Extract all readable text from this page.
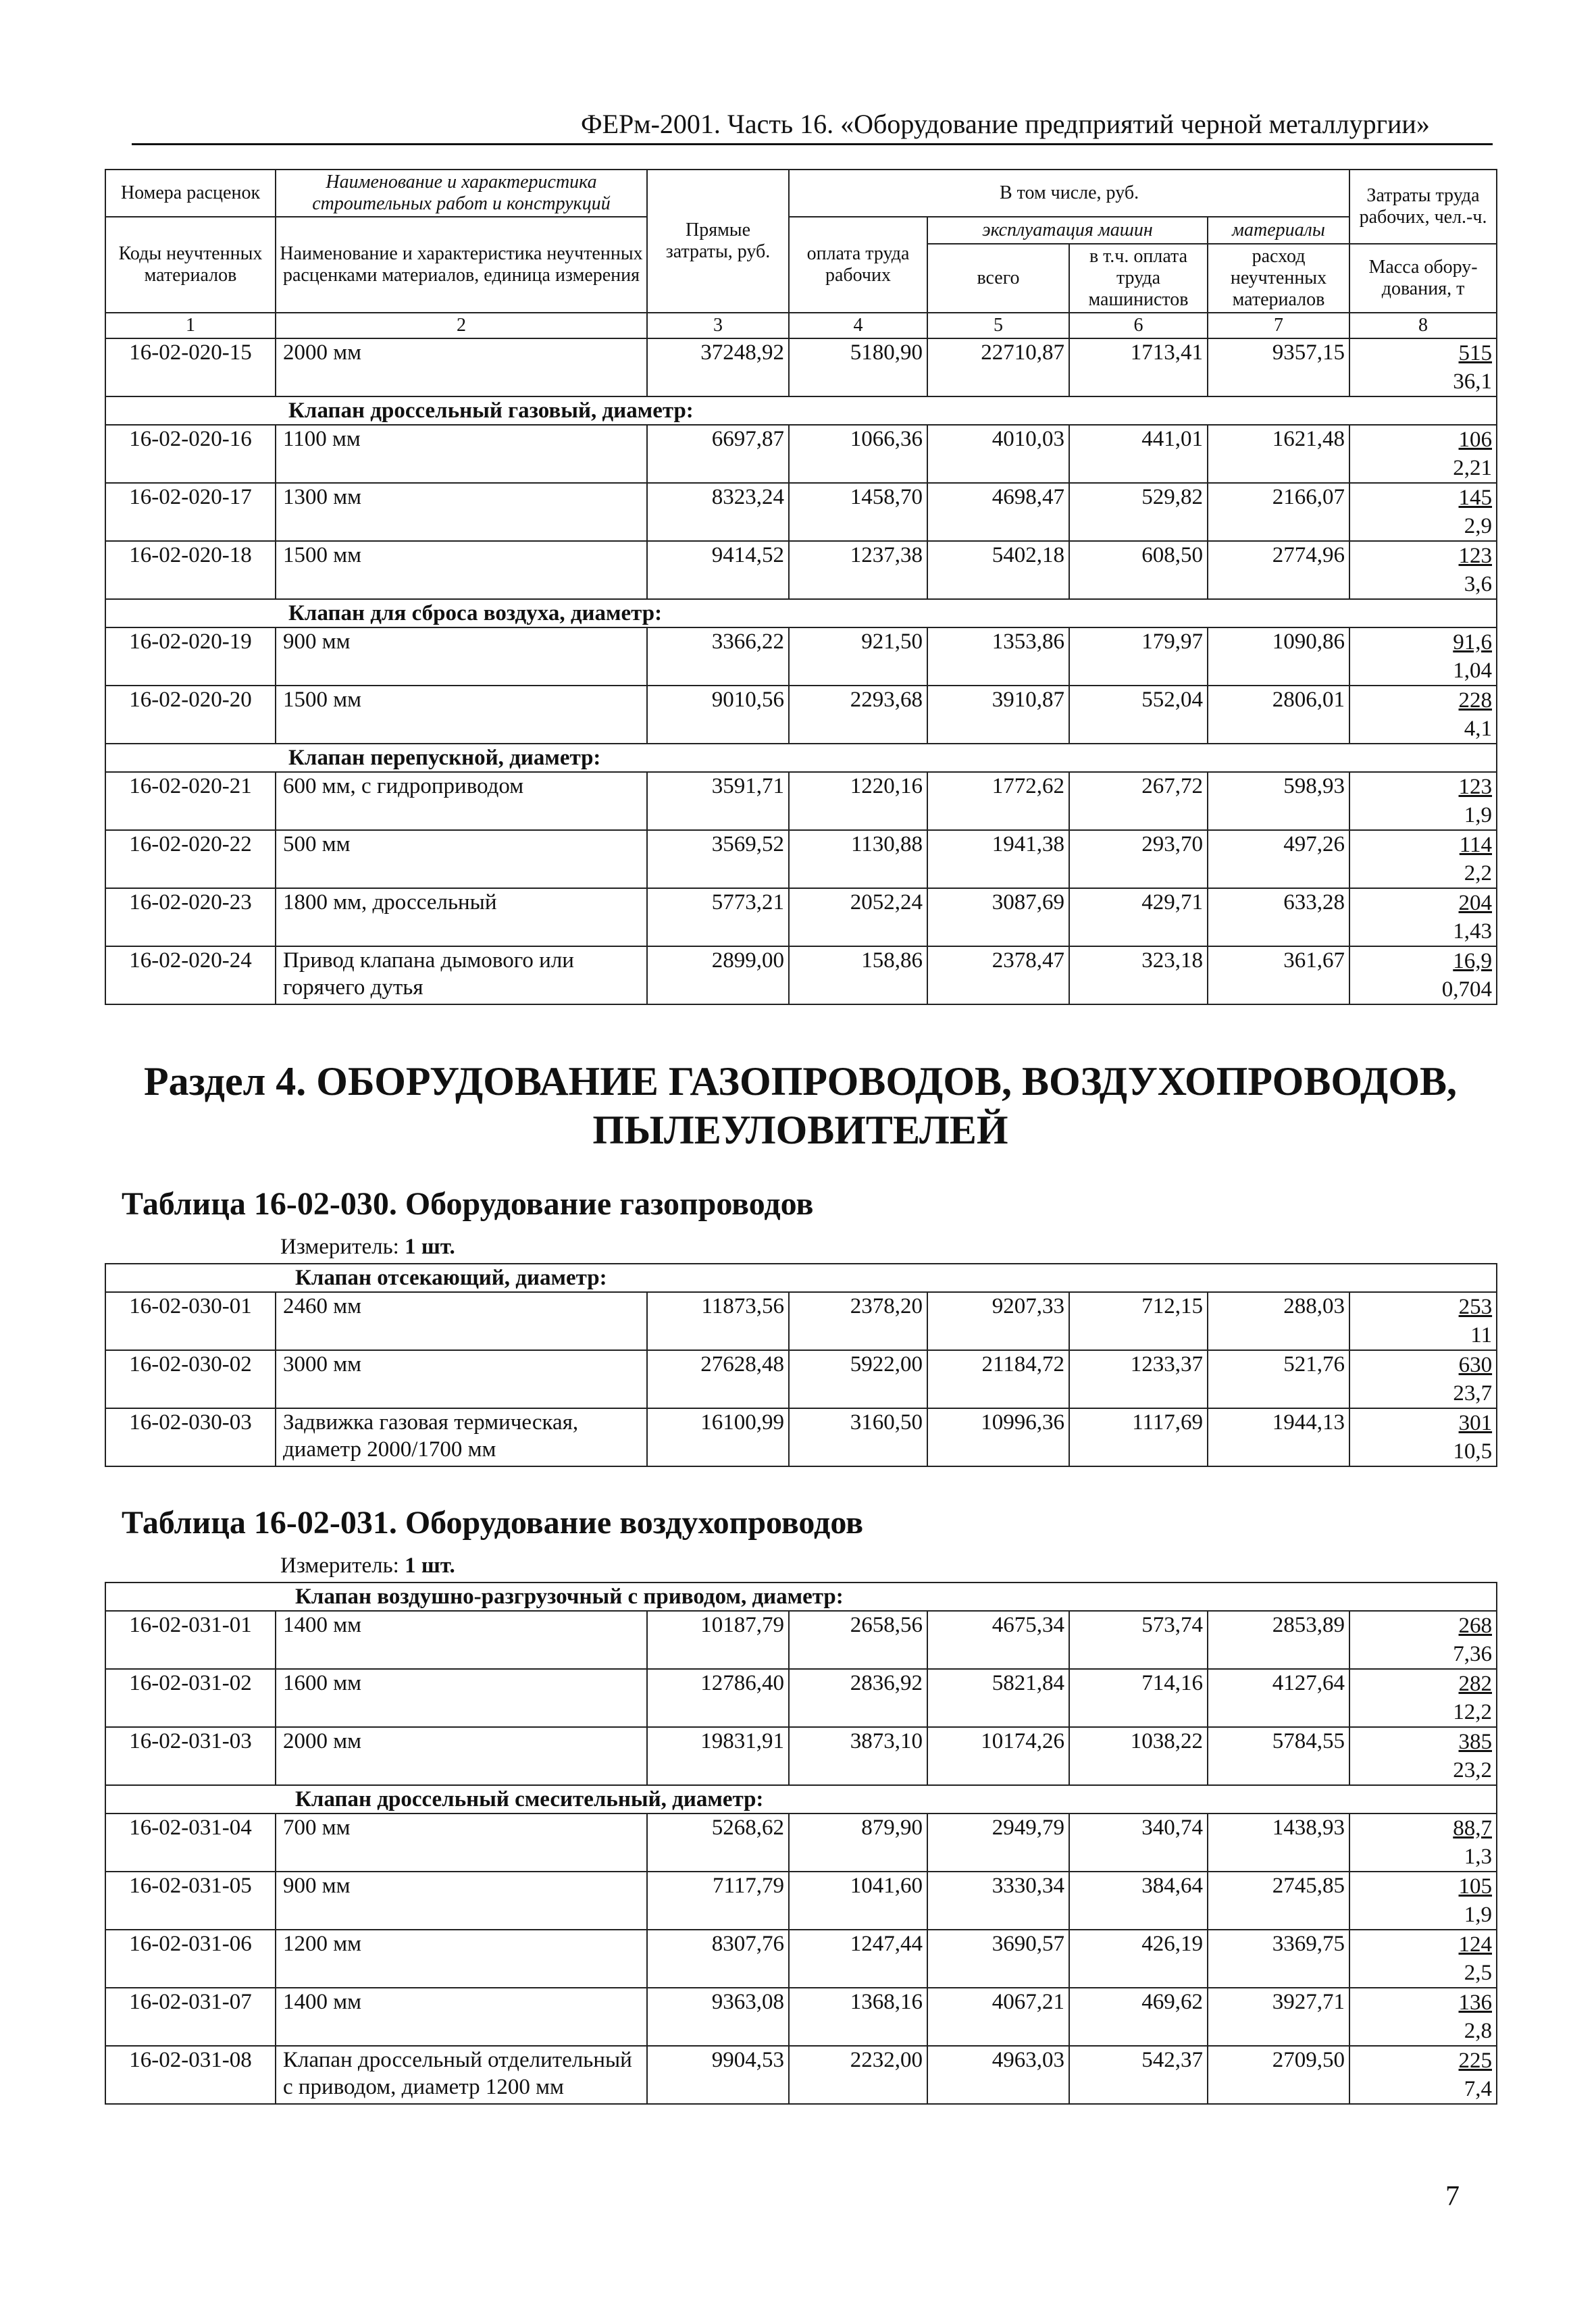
ФЕРм-2001. Часть 16. «Оборудование предприятий черной металлургии»
Номера расценок	Наименование и характеристика строительных работ и конструкций	Прямые затраты, руб.	В том числе, руб.				Затраты труда рабочих, чел.-ч.
Коды неучтенных материалов	Наименование и характеристика неучтенных расценками материалов, единица измерения		оплата труда рабочих	эксплуатация машин		материалы	
				всего	в т.ч. оплата труда машинистов	расход неучтенных материалов	Масса обору-дования, т
1	2	3	4	5	6	7	8
16-02-020-15	2000 мм	37248,92	5180,90	22710,87	1713,41	9357,15	515
36,1

Клапан дроссельный газовый, диаметр:							
16-02-020-16	1100 мм	6697,87	1066,36	4010,03	441,01	1621,48	106
2,21

16-02-020-17	1300 мм	8323,24	1458,70	4698,47	529,82	2166,07	145
2,9

16-02-020-18	1500 мм	9414,52	1237,38	5402,18	608,50	2774,96	123
3,6

Клапан для сброса воздуха, диаметр:							
16-02-020-19	900 мм	3366,22	921,50	1353,86	179,97	1090,86	91,6
1,04

16-02-020-20	1500 мм	9010,56	2293,68	3910,87	552,04	2806,01	228
4,1

Клапан перепускной, диаметр:							
16-02-020-21	600 мм, с гидроприводом	3591,71	1220,16	1772,62	267,72	598,93	123
1,9

16-02-020-22	500 мм	3569,52	1130,88	1941,38	293,70	497,26	114
2,2

16-02-020-23	1800 мм, дроссельный	5773,21	2052,24	3087,69	429,71	633,28	204
1,43

16-02-020-24	Привод клапана дымового или горячего дутья	2899,00	158,86	2378,47	323,18	361,67	16,9
0,704
Раздел 4. ОБОРУДОВАНИЕ ГАЗОПРОВОДОВ, ВОЗДУХОПРОВОДОВ, ПЫЛЕУЛОВИТЕЛЕЙ
Таблица 16-02-030. Оборудование газопроводов
Измеритель: 1 шт.
Клапан отсекающий, диаметр:							
16-02-030-01	2460 мм	11873,56	2378,20	9207,33	712,15	288,03	253
11

16-02-030-02	3000 мм	27628,48	5922,00	21184,72	1233,37	521,76	630
23,7

16-02-030-03	Задвижка газовая термическая, диаметр 2000/1700 мм	16100,99	3160,50	10996,36	1117,69	1944,13	301
10,5
Таблица 16-02-031. Оборудование воздухопроводов
Измеритель: 1 шт.
Клапан воздушно-разгрузочный с приводом, диаметр:							
16-02-031-01	1400 мм	10187,79	2658,56	4675,34	573,74	2853,89	268
7,36

16-02-031-02	1600 мм	12786,40	2836,92	5821,84	714,16	4127,64	282
12,2

16-02-031-03	2000 мм	19831,91	3873,10	10174,26	1038,22	5784,55	385
23,2

Клапан дроссельный смесительный, диаметр:							
16-02-031-04	700 мм	5268,62	879,90	2949,79	340,74	1438,93	88,7
1,3

16-02-031-05	900 мм	7117,79	1041,60	3330,34	384,64	2745,85	105
1,9

16-02-031-06	1200 мм	8307,76	1247,44	3690,57	426,19	3369,75	124
2,5

16-02-031-07	1400 мм	9363,08	1368,16	4067,21	469,62	3927,71	136
2,8

16-02-031-08	Клапан дроссельный отделительный с приводом, диаметр 1200 мм	9904,53	2232,00	4963,03	542,37	2709,50	225
7,4
7
